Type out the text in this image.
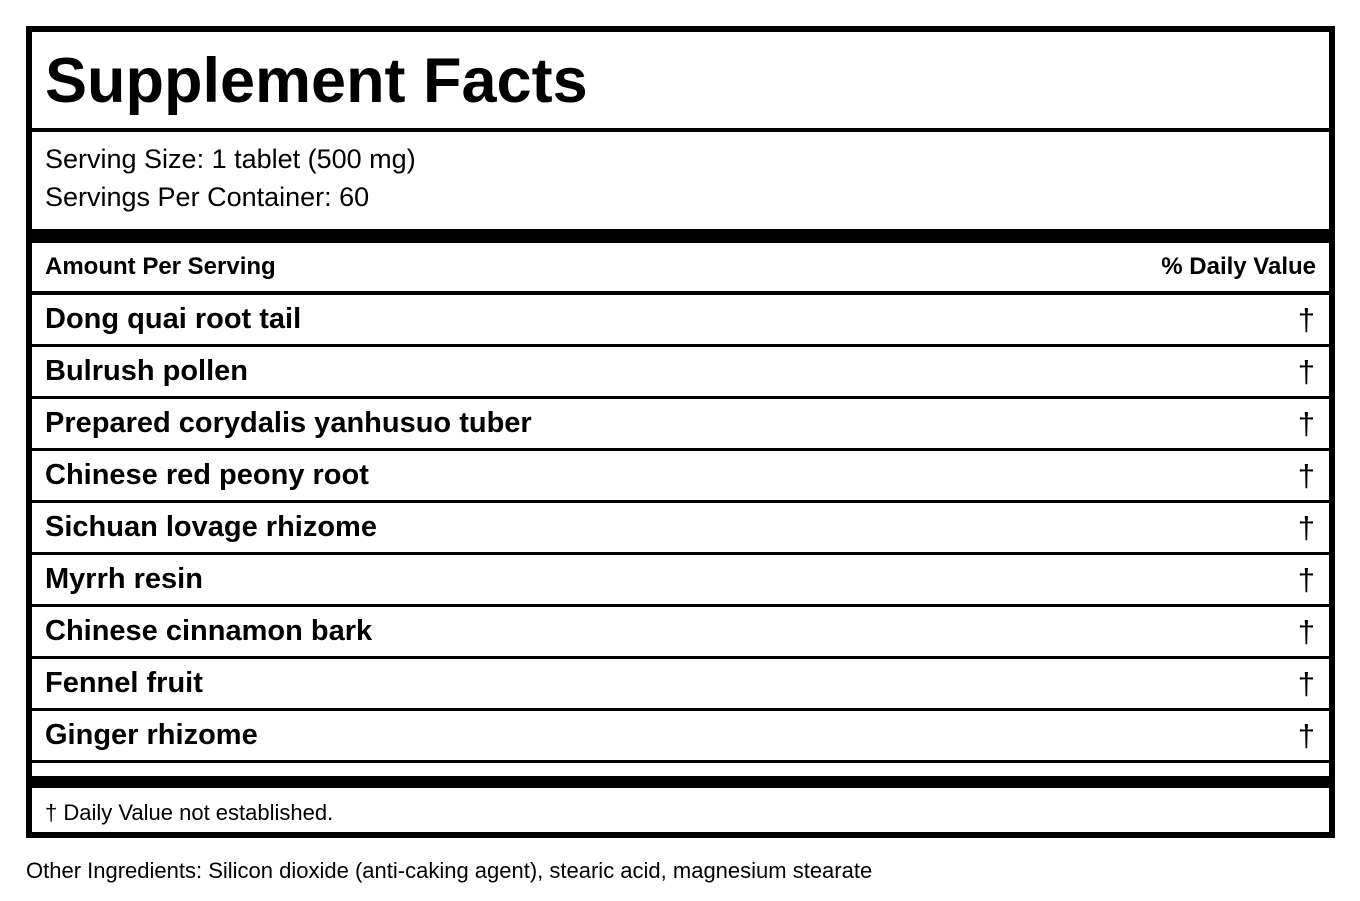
Supplement Facts
Serving Size: 1 tablet (500 mg)
Servings Per Container: 60
Amount Per Serving	% Daily Value
Dong quai root tail	†
Bulrush pollen	†
Prepared corydalis yanhusuo tuber	†
Chinese red peony root	†
Sichuan lovage rhizome	†
Myrrh resin	†
Chinese cinnamon bark	†
Fennel fruit	†
Ginger rhizome	†
† Daily Value not established.
Other Ingredients: Silicon dioxide (anti-caking agent), stearic acid, magnesium stearate
